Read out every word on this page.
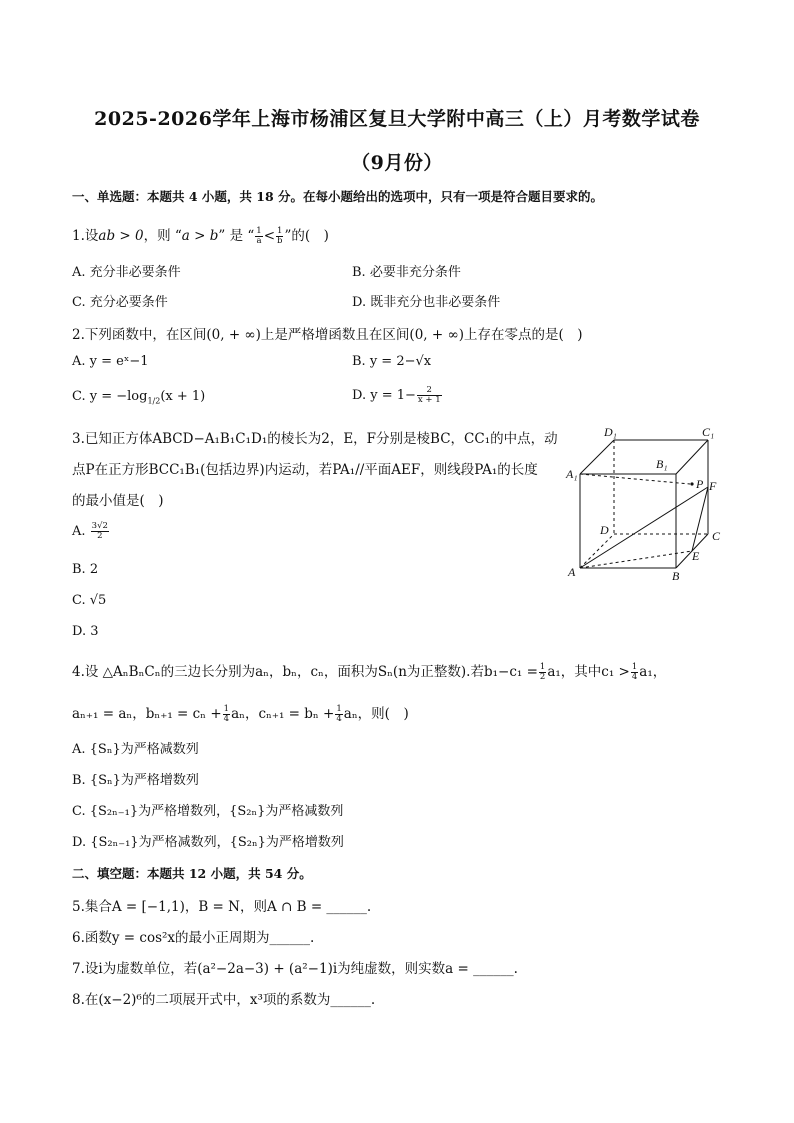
2025-2026学年上海市杨浦区复旦大学附中高三（上）月考数学试卷
（9月份）
一、单选题：本题共 4 小题，共 18 分。在每小题给出的选项中，只有一项是符合题目要求的。
1.设ab > 0，则 “a > b” 是 “ $\frac{1}{a} < \frac{1}{b}$ ”的(　)
A. 充分非必要条件	B. 必要非充分条件
C. 充分必要条件	D. 既非充分也非必要条件
2.下列函数中，在区间(0, + ∞)上是严格增函数且在区间(0, + ∞)上存在零点的是(　)
A. y = eˣ−1	B. y = 2−√x
C. $y = -\log_{1/2}(x + 1)$	D. $y = 1- \frac{2}{x + 1}$
3.已知正方体ABCD−A₁B₁C₁D₁的棱长为2，E，F分别是棱BC，CC₁的中点，动
点P在正方形BCC₁B₁(包括边界)内运动，若PA₁//平面AEF，则线段PA₁的长度
的最小值是(　)
A. $\frac{3√2}{2}$
B. 2
C. √5
D. 3
D₁	C₁
A₁
B₁
P F
D	C
E
A	B
4.设 △AₙBₙCₙ的三边长分别为aₙ，bₙ，cₙ，面积为Sₙ(n为正整数).若$b_1-c_1 = \frac{1}{2} a_1$，其中$c_1 > \frac{1}{4} a_1$，
aₙ₊₁ = aₙ，$b_{n+1} = c_n + \frac{1}{4}$ aₙ，$c_{n+1} = b_n + \frac{1}{4}$ aₙ，则(　)
A. {Sₙ}为严格减数列
B. {Sₙ}为严格增数列
C. {S₂ₙ₋₁}为严格增数列，{S₂ₙ}为严格减数列
D. {S₂ₙ₋₁}为严格减数列，{S₂ₙ}为严格增数列
二、填空题：本题共 12 小题，共 54 分。
5.集合A = [−1,1)，B = N，则A ∩ B = ______.
6.函数y = cos²x的最小正周期为______.
7.设i为虚数单位，若(a²−2a−3) + (a²−1)i为纯虚数，则实数a = ______.
8.在(x−2)⁶的二项展开式中，x³项的系数为______.
